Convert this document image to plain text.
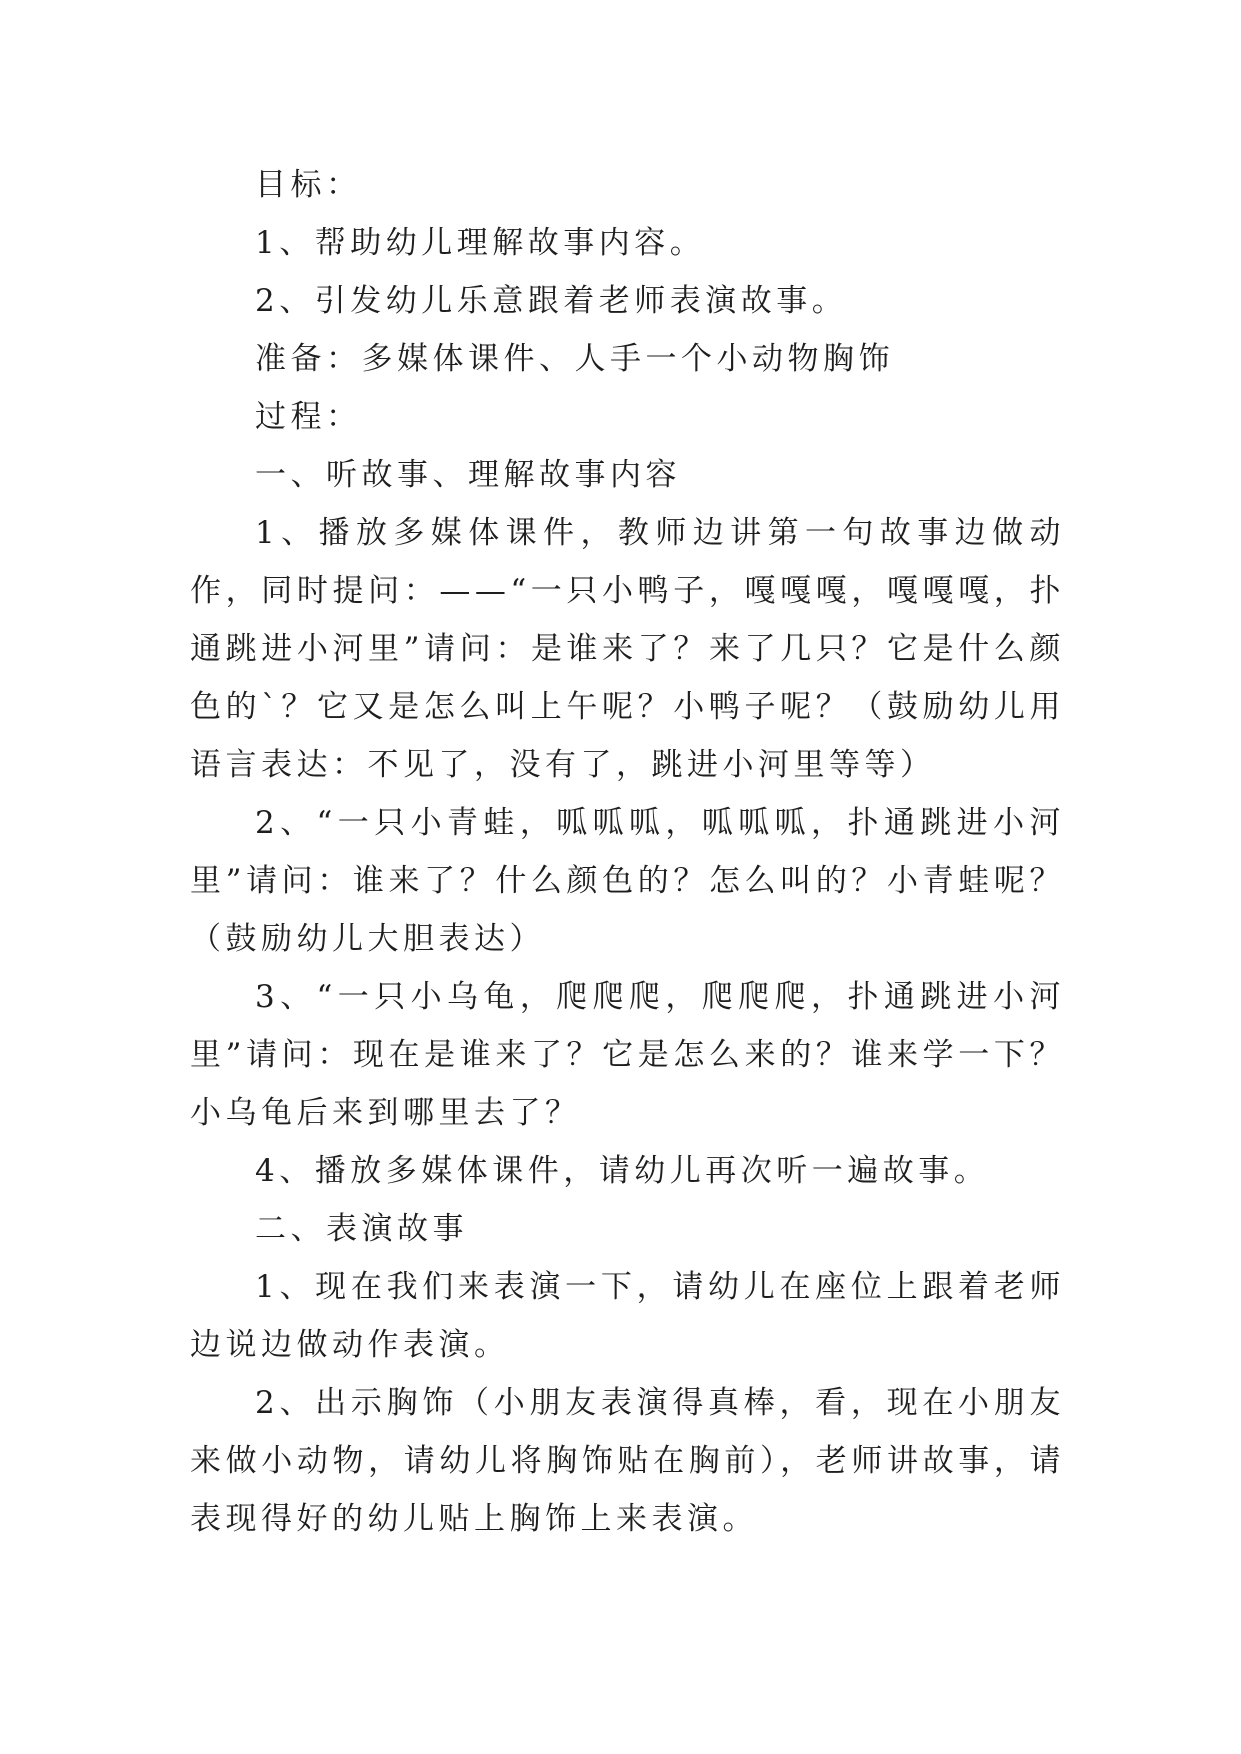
目标：

1、帮助幼儿理解故事内容。

2、引发幼儿乐意跟着老师表演故事。

准备：多媒体课件、人手一个小动物胸饰

过程：

一、听故事、理解故事内容

1、播放多媒体课件，教师边讲第一句故事边做动作，同时提问：——“一只小鸭子，嘎嘎嘎，嘎嘎嘎，扑通跳进小河里”请问：是谁来了？来了几只？它是什么颜色的`？它又是怎么叫上午呢？小鸭子呢？（鼓励幼儿用语言表达：不见了，没有了，跳进小河里等等）

2、“一只小青蛙，呱呱呱，呱呱呱，扑通跳进小河里”请问：谁来了？什么颜色的？怎么叫的？小青蛙呢？（鼓励幼儿大胆表达）

3、“一只小乌龟，爬爬爬，爬爬爬，扑通跳进小河里”请问：现在是谁来了？它是怎么来的？谁来学一下？小乌龟后来到哪里去了？

4、播放多媒体课件，请幼儿再次听一遍故事。

二、表演故事

1、现在我们来表演一下，请幼儿在座位上跟着老师边说边做动作表演。

2、出示胸饰（小朋友表演得真棒，看，现在小朋友来做小动物，请幼儿将胸饰贴在胸前），老师讲故事，请表现得好的幼儿贴上胸饰上来表演。
